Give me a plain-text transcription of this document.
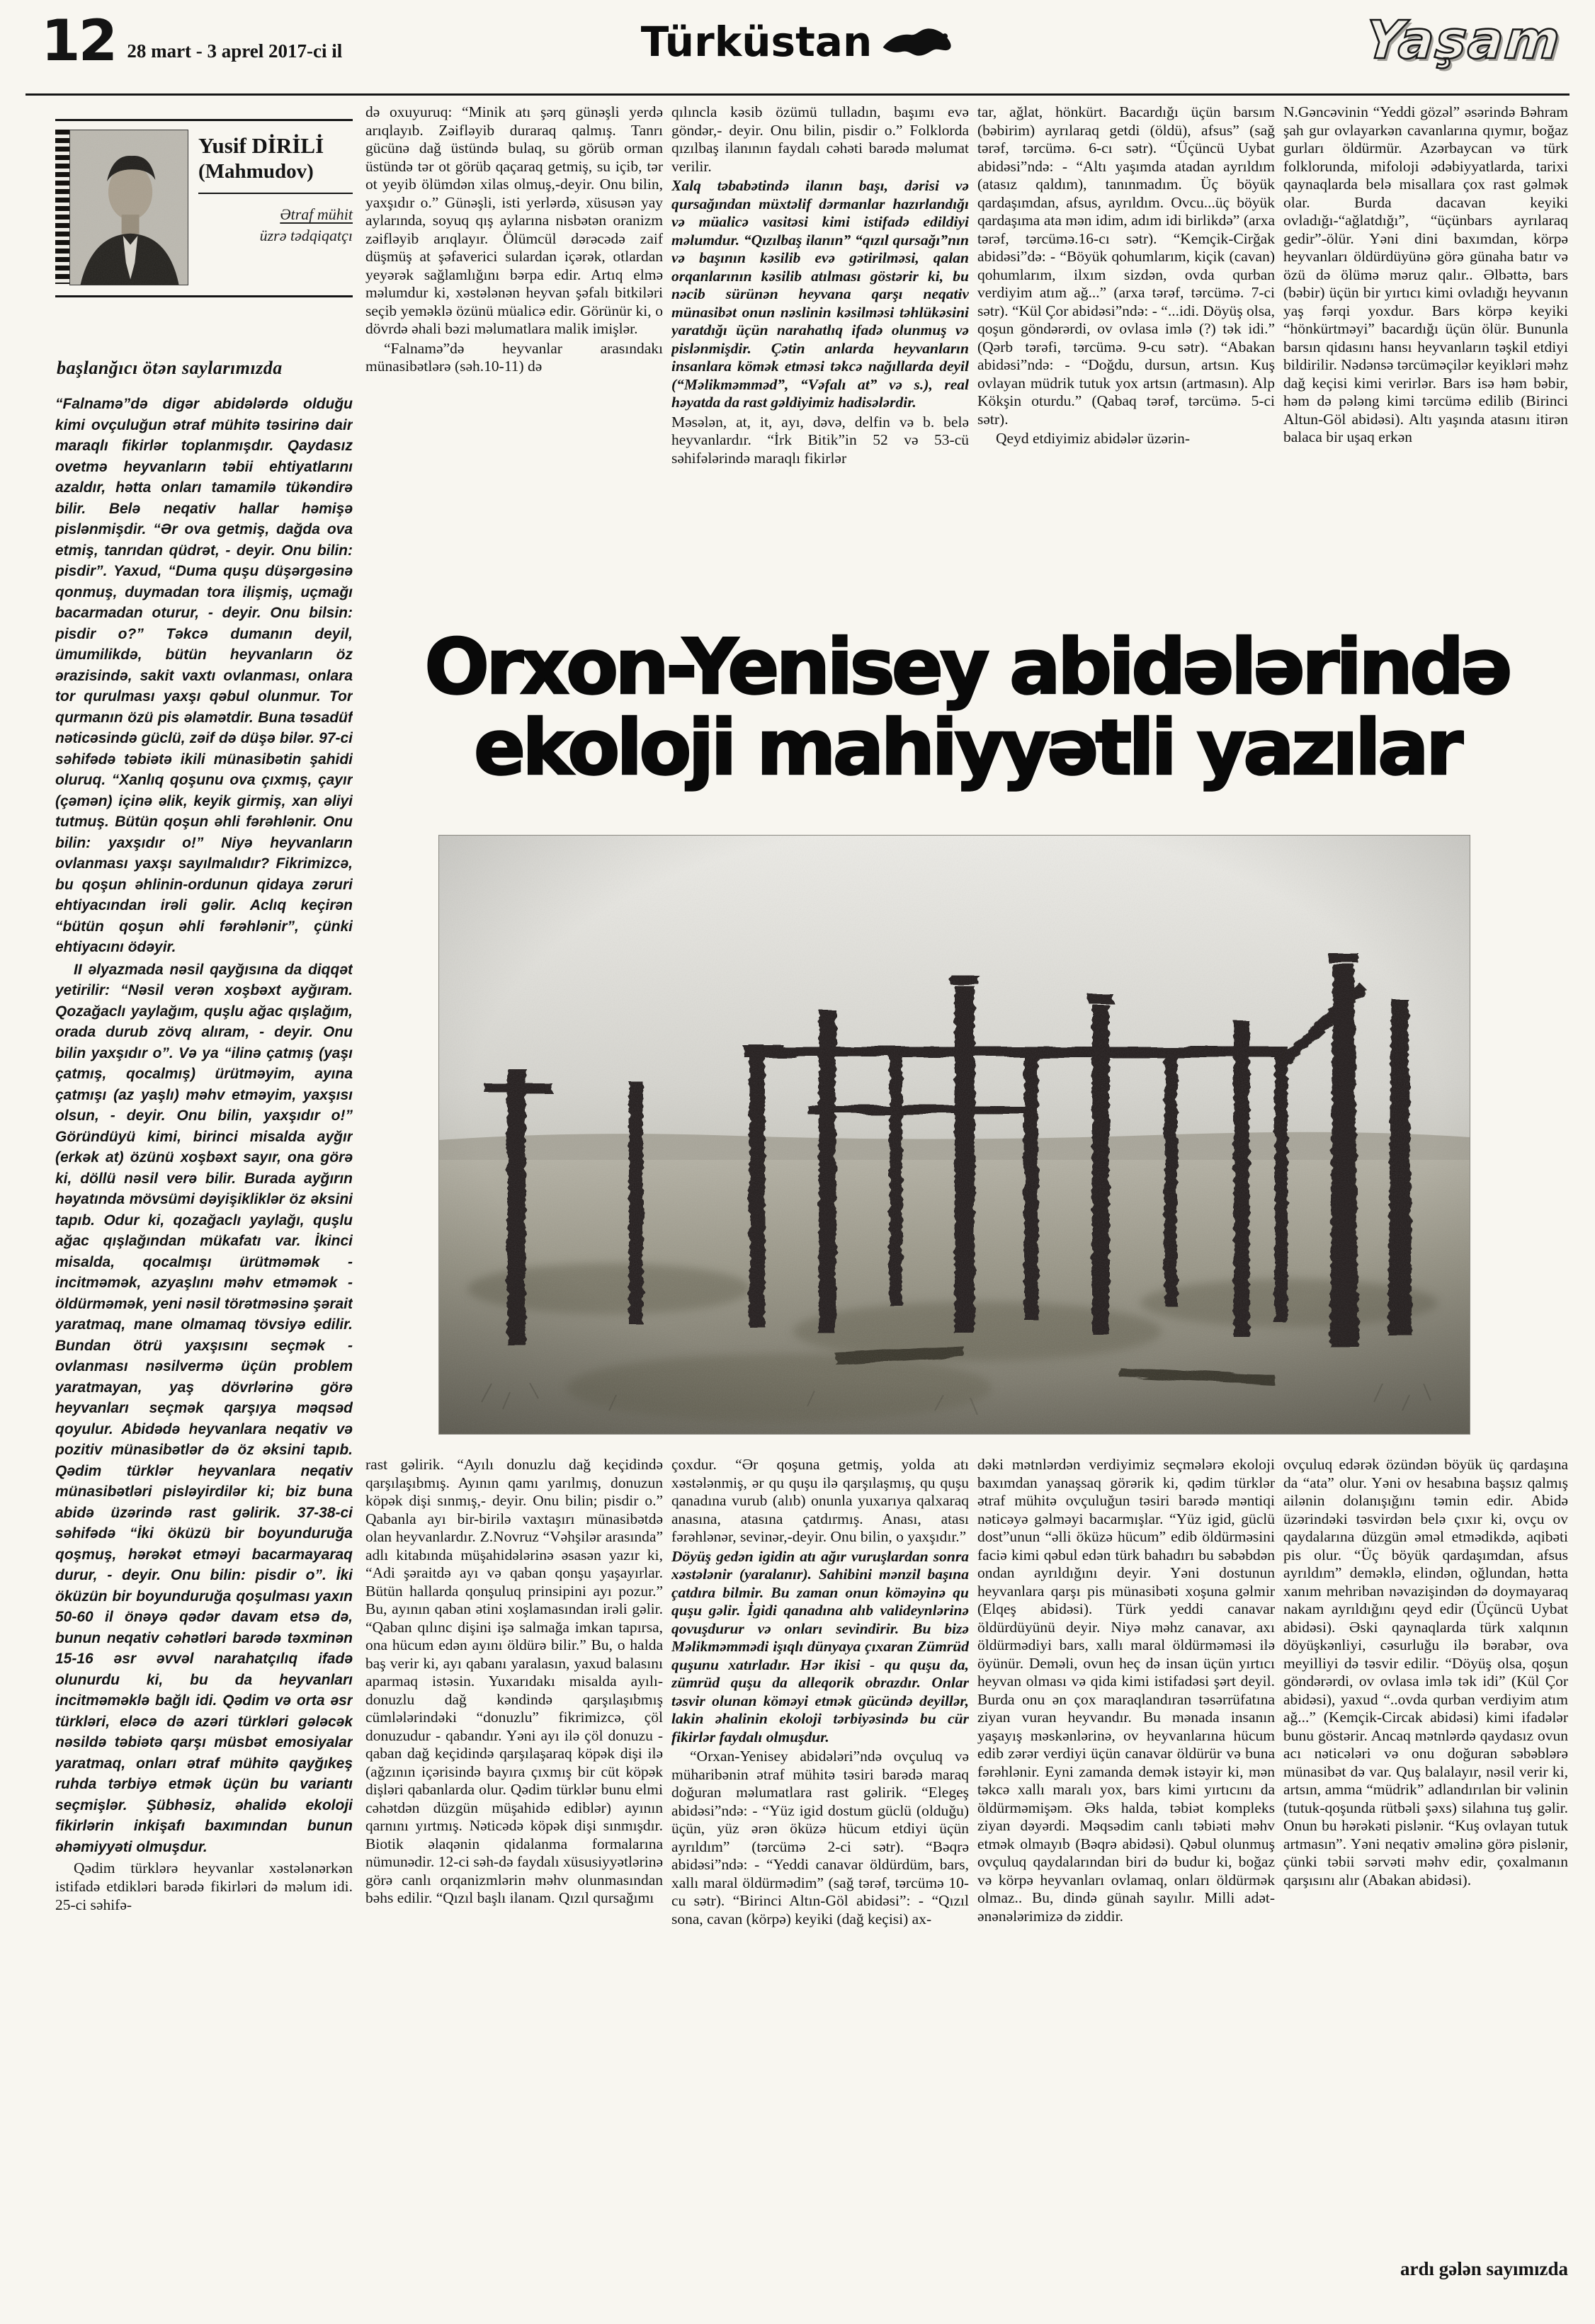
12 28 mart - 3 aprel 2017-ci il	Türküstan	Yaşam
Yusif DİRİLİ
(Mahmudov)
Ətraf mühit
üzrə tədqiqatçı
başlanğıcı ötən saylarımızda

“Falnamə”də digər abidələrdə olduğu kimi ovçuluğun ətraf mühitə təsirinə dair maraqlı fikirlər toplanmışdır. Qaydasız ovetmə heyvanların təbii ehtiyatlarını azaldır, hətta onları tamamilə tükəndirə bilir. Belə neqativ hallar həmişə pislənmişdir. “Ər ova getmiş, dağda ova etmiş, tanrıdan qüdrət, - deyir. Onu bilin: pisdir”. Yaxud, “Duma quşu düşərgəsinə qonmuş, duymadan tora ilişmiş, uçmağı bacarmadan oturur, - deyir. Onu bilsin: pisdir o?” Təkcə dumanın deyil, ümumilikdə, bütün heyvanların öz ərazisində, sakit vaxtı ovlanması, onlara tor qurulması yaxşı qəbul olunmur. Tor qurmanın özü pis əlamətdir. Buna təsadüf nəticəsində güclü, zəif də düşə bilər. 97-ci səhifədə təbiətə ikili münasibətin şahidi oluruq. “Xanlıq qoşunu ova çıxmış, çayır (çəmən) içinə əlik, keyik girmiş, xan əliyi tutmuş. Bütün qoşun əhli fərəhlənir. Onu bilin: yaxşıdır o!” Niyə heyvanların ovlanması yaxşı sayılmalıdır? Fikrimizcə, bu qoşun əhlinin-ordunun qidaya zəruri ehtiyacından irəli gəlir. Aclıq keçirən “bütün qoşun əhli fərəhlənir”, çünki ehtiyacını ödəyir.

II əlyazmada nəsil qayğısına da diqqət yetirilir: “Nəsil verən xoşbəxt ayğıram. Qozağaclı yaylağım, quşlu ağac qışlağım, orada durub zövq alıram, - deyir. Onu bilin yaxşıdır o”. Və ya “ilinə çatmış (yaşı çatmış, qocalmış) ürütməyim, ayına çatmışı (az yaşlı) məhv etməyim, yaxşısı olsun, - deyir. Onu bilin, yaxşıdır o!” Göründüyü kimi, birinci misalda ayğır (erkək at) özünü xoşbəxt sayır, ona görə ki, döllü nəsil verə bilir. Burada ayğırın həyatında mövsümi dəyişikliklər öz əksini tapıb. Odur ki, qozağaclı yaylağı, quşlu ağac qışlağından mükafatı var. İkinci misalda, qocalmışı ürütməmək - incitməmək, azyaşlını məhv etməmək - öldürməmək, yeni nəsil törətməsinə şərait yaratmaq, mane olmamaq tövsiyə edilir. Bundan ötrü yaxşısını seçmək - ovlanması nəsilvermə üçün problem yaratmayan, yaş dövrlərinə görə heyvanları seçmək qarşıya məqsəd qoyulur. Abidədə heyvanlara neqativ və pozitiv münasibətlər də öz əksini tapıb. Qədim türklər heyvanlara neqativ münasibətləri pisləyirdilər ki; biz buna abidə üzərində rast gəlirik. 37-38-ci səhifədə “İki öküzü bir boyunduruğa qoşmuş, hərəkət etməyi bacarmayaraq durur, - deyir. Onu bilin: pisdir o”. İki öküzün bir boyunduruğa qoşulması yaxın 50-60 il önəyə qədər davam etsə də, bunun neqativ cəhətləri barədə təxminən 15-16 əsr əvvəl narahatçılıq ifadə olunurdu ki, bu da heyvanları incitməməklə bağlı idi. Qədim və orta əsr türkləri, eləcə də azəri türkləri gələcək nəsildə təbiətə qarşı müsbət emosiyalar yaratmaq, onları ətraf mühitə qayğıkeş ruhda tərbiyə etmək üçün bu variantı seçmişlər. Şübhəsiz, əhalidə ekoloji fikirlərin inkişafı baxımından bunun əhəmiyyəti olmuşdur.

Qədim türklərə heyvanlar xəstələnərkən istifadə etdikləri barədə fikirləri də məlum idi. 25-ci səhifə-

də oxuyuruq: “Minik atı şərq günəşli yerdə arıqlayıb. Zəifləyib duraraq qalmış. Tanrı gücünə dağ üstündə bulaq, su görüb orman üstündə tər ot görüb qaçaraq getmiş, su içib, tər ot yeyib ölümdən xilas olmuş,-deyir. Onu bilin, yaxşıdır o.” Günəşli, isti yerlərdə, xüsusən yay aylarında, soyuq qış aylarına nisbətən oranizm zəifləyib arıqlayır. Ölümcül dərəcədə zaif düşmüş at şəfaverici sulardan içərək, otlardan yeyərək sağlamlığını bərpa edir. Artıq elmə məlumdur ki, xəstələnən heyvan şəfalı bitkiləri seçib yeməklə özünü müalicə edir. Görünür ki, o dövrdə əhali bəzi məlumatlara malik imişlər.

“Falnamə”də heyvanlar arasındakı münasibətlərə (səh.10-11) də

qılıncla kəsib özümü tulladın, başımı evə göndər,- deyir. Onu bilin, pisdir o.” Folklorda qızılbaş ilanının faydalı cəhəti barədə məlumat verilir.

Xalq təbabətində ilanın başı, dərisi və qursağından müxtəlif dərmanlar hazırlandığı və müalicə vasitəsi kimi istifadə edildiyi məlumdur. “Qızılbaş ilanın” “qızıl qursağı”nın və başının kəsilib evə gətirilməsi, qalan orqanlarının kəsilib atılması göstərir ki, bu nəcib sürünən heyvana qarşı neqativ münasibət onun nəslinin kəsilməsi təhlükəsini yaratdığı üçün narahatlıq ifadə olunmuş və pislənmişdir. Çətin anlarda heyvanların insanlara kömək etməsi təkcə nağıllarda deyil (“Məlikməmməd”, “Vəfalı at” və s.), real həyatda da rast gəldiyimiz hadisələrdir.

Məsələn, at, it, ayı, dəvə, delfin və b. belə heyvanlardır. “İrk Bitik”in 52 və 53-cü səhifələrində maraqlı fikirlər

tar, ağlat, hönkürt. Bacardığı üçün barsım (bəbirim) ayrılaraq getdi (öldü), afsus” (sağ tərəf, tərcümə. 6-cı sətr). “Üçüncü Uybat abidəsi”ndə: - “Altı yaşımda atadan ayrıldım (atasız qaldım), tanınmadım. Üç böyük qardaşımdan, afsus, ayrıldım. Ovcu...üç böyük qardaşıma ata mən idim, adım idi birlikdə” (arxa tərəf, tərcümə.16-cı sətr). “Kemçik-Cirğak abidəsi”də: - “Böyük qohumlarım, kiçik (cavan) qohumlarım, ilxım sizdən, ovda qurban verdiyim atım ağ...” (arxa tərəf, tərcümə. 7-ci sətr). “Kül Çor abidəsi”ndə: - “...idi. Döyüş olsa, qoşun göndərərdi, ov ovlasa imlə (?) tək idi.” (Qərb tərəfi, tərcümə. 9-cu sətr). “Abakan abidəsi”ndə: - “Doğdu, dursun, artsın. Kuş ovlayan müdrik tutuk yox artsın (artmasın). Alp Kökşin oturdu.” (Qabaq tərəf, tərcümə. 5-ci sətr).

Qeyd etdiyimiz abidələr üzərin-

N.Gəncəvinin “Yeddi gözəl” əsərində Bəhram şah gur ovlayarkən cavanlarına qıymır, boğaz gurları öldürmür. Azərbaycan və türk folklorunda, mifoloji ədəbiyyatlarda, tarixi qaynaqlarda belə misallara çox rast gəlmək olar. Burda dacavan keyiki ovladığı-“ağlatdığı”, “üçünbars ayrılaraq gedir”-ölür. Yəni dini baxımdan, körpə heyvanları öldürdüyünə görə günaha batır və özü də ölümə məruz qalır.. Əlbəttə, bars (bəbir) üçün bir yırtıcı kimi ovladığı heyvanın yaş fərqi yoxdur. Bars körpə keyiki “hönkürtməyi” bacardığı üçün ölür. Bununla barsın qidasını hansı heyvanların təşkil etdiyi bildirilir. Nədənsə tərcüməçilər keyikləri məhz dağ keçisi kimi verirlər. Bars isə həm bəbir, həm də pələng kimi tərcümə edilib (Birinci Altun-Göl abidəsi). Altı yaşında atasını itirən balaca bir uşaq erkən

Orxon-Yenisey abidələrində
ekoloji mahiyyətli yazılar

rast gəlirik. “Ayılı donuzlu dağ keçidində qarşılaşıbmış. Ayının qamı yarılmış, donuzun köpək dişi sınmış,- deyir. Onu bilin; pisdir o.” Qabanla ayı bir-birilə vaxtaşırı münasibətdə olan heyvanlardır. Z.Novruz “Vəhşilər arasında” adlı kitabında müşahidələrinə əsasən yazır ki, “Adi şəraitdə ayı və qaban qonşu yaşayırlar. Bütün hallarda qonşuluq prinsipini ayı pozur.” Bu, ayının qaban ətini xoşlamasından irəli gəlir. “Qaban qılınc dişini işə salmağa imkan tapırsa, ona hücum edən ayını öldürə bilir.” Bu, o halda baş verir ki, ayı qabanı yaralasın, yaxud balasını aparmaq istəsin. Yuxarıdakı misalda ayılı-donuzlu dağ kəndində qarşılaşıbmış cümlələrindəki “donuzlu” fikrimizcə, çöl donuzudur - qabandır. Yəni ayı ilə çöl donuzu - qaban dağ keçidində qarşılaşaraq köpək dişi ilə (ağzının içərisində bayıra çıxmış bir cüt köpək dişləri qabanlarda olur. Qədim türklər bunu elmi cəhətdən düzgün müşahidə ediblər) ayının qarnını yırtmış. Nəticədə köpək dişi sınmışdır. Biotik əlaqənin qidalanma formalarına nümunədir. 12-ci səh-də faydalı xüsusiyyətlərinə görə canlı orqanizmlərin məhv olunmasından bəhs edilir. “Qızıl başlı ilanam. Qızıl qursağımı

çoxdur. “Ər qoşuna getmiş, yolda atı xəstələnmiş, ər qu quşu ilə qarşılaşmış, qu quşu qanadına vurub (alıb) onunla yuxarıya qalxaraq anasına, atasına çatdırmış. Anası, atası fərəhlənər, sevinər,-deyir. Onu bilin, o yaxşıdır.”

Döyüş gedən igidin atı ağır vuruşlardan sonra xəstələnir (yaralanır). Sahibini mənzil başına çatdıra bilmir. Bu zaman onun köməyinə qu quşu gəlir. İgidi qanadına alıb valideynlərinə qovuşdurur və onları sevindirir. Bu bizə Məlikməmmədi işıqlı dünyaya çıxaran Zümrüd quşunu xatırladır. Hər ikisi - qu quşu da, zümrüd quşu da alleqorik obrazdır. Onlar təsvir olunan köməyi etmək gücündə deyillər, lakin əhalinin ekoloji tərbiyəsində bu cür fikirlər faydalı olmuşdur.

“Orxan-Yenisey abidələri”ndə ovçuluq və müharibənin ətraf mühitə təsiri barədə maraq doğuran məlumatlara rast gəlirik. “Elegeş abidəsi”ndə: - “Yüz igid dostum güclü (olduğu) üçün, yüz ərən öküzə hücum etdiyi üçün ayrıldım” (tərcümə 2-ci sətr). “Bəqrə abidəsi”ndə: - “Yeddi canavar öldürdüm, bars, xallı maral öldürmədim” (sağ tərəf, tərcümə 10-cu sətr). “Birinci Altın-Göl abidəsi”: - “Qızıl sona, cavan (körpə) keyiki (dağ keçisi) ax-

dəki mətnlərdən verdiyimiz seçmələrə ekoloji baxımdan yanaşsaq görərik ki, qədim türklər ətraf mühitə ovçuluğun təsiri barədə məntiqi nəticəyə gəlməyi bacarmışlar. “Yüz igid, güclü dost”unun “əlli öküzə hücum” edib öldürməsini faciə kimi qəbul edən türk bahadırı bu səbəbdən ondan ayrıldığını deyir. Yəni dostunun heyvanlara qarşı pis münasibəti xoşuna gəlmir (Elqeş abidəsi). Türk yeddi canavar öldürdüyünü deyir. Niyə məhz canavar, axı öldürmədiyi bars, xallı maral öldürməməsi ilə öyünür. Deməli, ovun heç də insan üçün yırtıcı heyvan olması və qida kimi istifadəsi şərt deyil. Burda onu ən çox maraqlandıran təsərrüfatına ziyan vuran heyvandır. Bu mənada insanın yaşayış məskənlərinə, ov heyvanlarına hücum edib zərər verdiyi üçün canavar öldürür və buna fərəhlənir. Eyni zamanda demək istəyir ki, mən təkcə xallı maralı yox, bars kimi yırtıcını da öldürməmişəm. Əks halda, təbiət kompleks ziyan dəyərdi. Məqsədim canlı təbiəti məhv etmək olmayıb (Bəqrə abidəsi). Qəbul olunmuş ovçuluq qaydalarından biri də budur ki, boğaz və körpə heyvanları ovlamaq, onları öldürmək olmaz.. Bu, dində günah sayılır. Milli adət-ənənələrimizə də ziddir.

ovçuluq edərək özündən böyük üç qardaşına da “ata” olur. Yəni ov hesabına başsız qalmış ailənin dolanışığını təmin edir. Abidə üzərindəki təsvirdən belə çıxır ki, ovçu ov qaydalarına düzgün əməl etmədikdə, aqibəti pis olur. “Üç böyük qardaşımdan, afsus ayrıldım” deməklə, elindən, oğlundan, hətta xanım mehriban nəvazişindən də doymayaraq nakam ayrıldığını qeyd edir (Üçüncü Uybat abidəsi). Əski qaynaqlarda türk xalqının döyüşkənliyi, cəsurluğu ilə bərabər, ova meyilliyi də təsvir edilir. “Döyüş olsa, qoşun göndərərdi, ov ovlasa imlə tək idi” (Kül Çor abidəsi), yaxud “..ovda qurban verdiyim atım ağ...” (Kemçik-Circak abidəsi) kimi ifadələr bunu göstərir. Ancaq mətnlərdə qaydasız ovun acı nəticələri və onu doğuran səbəblərə münasibət də var. Quş balalayır, nəsil verir ki, artsın, amma “müdrik” adlandırılan bir vəlinin (tutuk-qoşunda rütbəli şəxs) silahına tuş gəlir. Onun bu hərəkəti pislənir. “Kuş ovlayan tutuk artmasın”. Yəni neqativ əməlinə görə pislənir, çünki təbii sərvəti məhv edir, çoxalmanın qarşısını alır (Abakan abidəsi).

ardı gələn sayımızda
